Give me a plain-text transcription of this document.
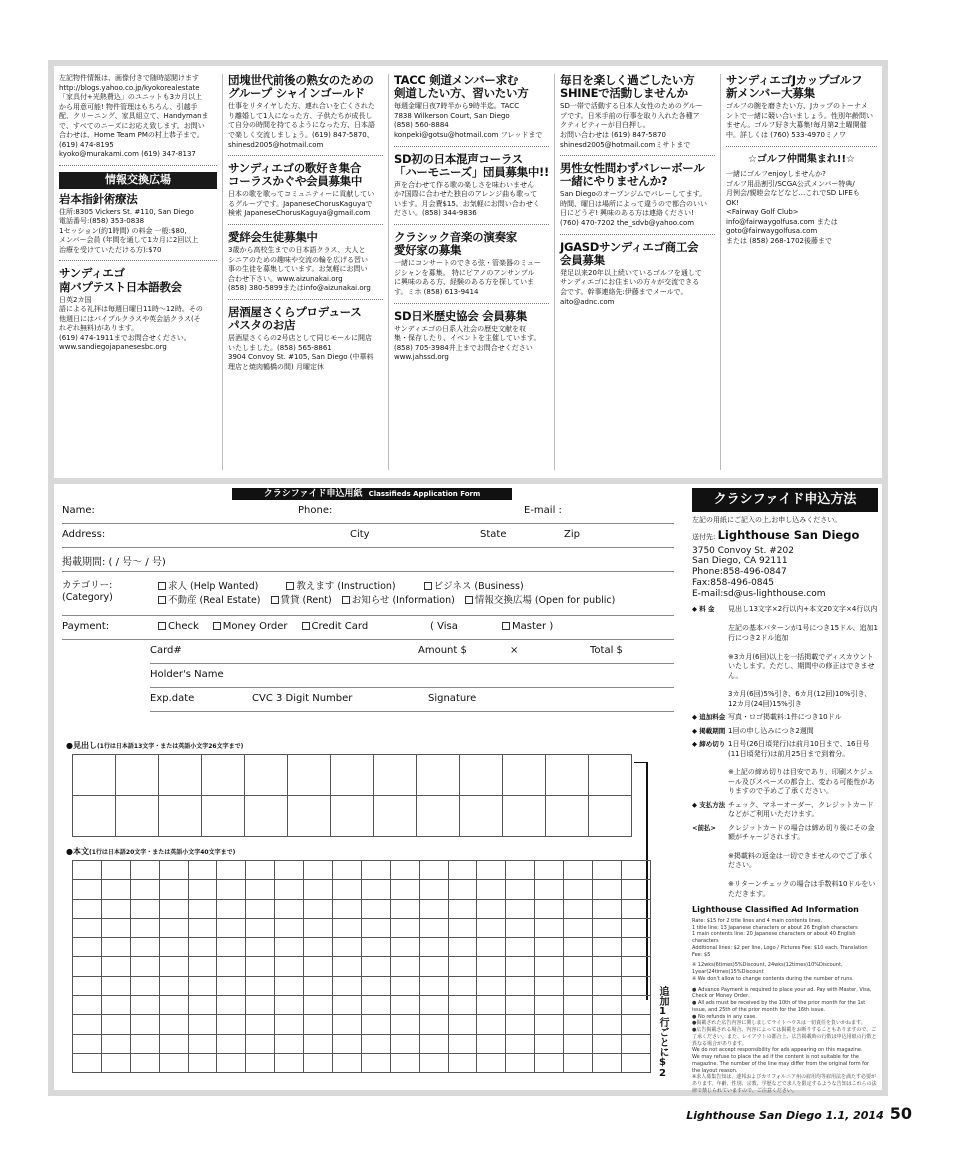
左記物件情報は、画像付きで随時認閲けます
http://blogs.yahoo.co.jp/kyokorealestate
「家具付+光熱費込」のユニットも3カ月以上
から用意可能! 物件管理はもちろん、引越手
配、クリーニング、家具組立て、Handymanま
で、すべてのニーズにお応え致します。お問い
合わせは、Home Team PMの村上恭子まで。
(619) 474-8195
kyoko@murakami.com (619) 347-8137

情報交換広場
岩本指針術療法

住所:8305 Vickers St. #110, San Diego
電話番号:(858) 353-0838
1セッション(約1時間) の料金 一般:$80,
メンバー会員 (年間を通して1カ月に2回以上
治療を受けていただける方):$70

サンディエゴ
南バプテスト日本語教会

日英2カ国
語による礼拝は毎週日曜日11時〜12時。その
他週日にはバイブルクラスや英会話クラス(そ
れぞれ無料)があります。
(619) 474-1911までお問合せください。
www.sandiegojapanesesbc.org

団塊世代前後の熟女のための
グループ シャインゴールド

仕事をリタイヤした方、連れ合いを亡くされた
り離婚して1人になった方、子供たちが成長し
て自分の時間を持てるようになった方、日本語
で楽しく交流しましょう。(619) 847-5870、
shinesd2005@hotmail.com

サンディエゴの歌好き集合
コーラスかぐや会員募集中

日本の歌を歌ってコミュニティーに貢献してい
るグループです。JapaneseChorusKaguyaで
検索 JapaneseChorusKaguya@gmail.com

愛絆会生徒募集中

3歳から高校生までの日本語クラス、大人と
シニアのための趣味や交流の輪を広げる習い
事の生徒を募集しています。お気軽にお問い
合わせ下さい。www.aizunakai.org
(858) 380-5899またはinfo@aizunakai.org

居酒屋さくらプロデュース
パスタのお店

居酒屋さくらの2号店として同じモールに開店
いたしました。(858) 565-8861
3904 Convoy St. #105, San Diego (中華料
理店と焼肉鶴橋の間) 月曜定休

TACC 剣道メンバー求む
剣道したい方、習いたい方

毎週金曜日夜7時半から9時半迄。TACC
7838 Wilkerson Court, San Diego
(858) 560-8884
konpeki@gotsu@hotmail.com フレッドまで

SD初の日本混声コーラス
「ハーモニーズ」団員募集中!!

声を合わせて作る歌の楽しさを味わいません
か?国際に合わせた独自のアレンジ曲も歌って
います。月会費$15。お気軽にお問い合わせく
ださい。(858) 344-9836

クラシック音楽の演奏家
愛好家の募集

一緒にコンサートのできる弦・管楽器のミュー
ジシャンを募集。 特にピアノのアンサンブル
に興味のある方、経験のある方を探していま
す。ミホ (858) 613-9414

SD日米歴史協会 会員募集

サンディエゴの日系人社会の歴史文献を収
集・保存したり、イベントを主催しています。
(858) 705-3984井上までお問合せください
www.jahssd.org

毎日を楽しく過ごしたい方
SHINEで活動しませんか

SD一帯で活動する日本人女性のためのグルー
プです。日米手前の行事を取り入れた各種ア
クティビティーが目白押し。
お問い合わせは (619) 847-5870
shinesd2005@hotmail.comミサトまで

男性女性問わずバレーボール
一緒にやりませんか?

San Diegoのオープンジムでバレーしてます。
時間、曜日は場所によって違うので都合のいい
日にどうぞ! 興味のある方は連絡ください!
(760) 470-7202 the_sdvb@yahoo.com

JGASDサンディエゴ商工会
会員募集

発足以来20年以上続いているゴルフを通して
サンディエゴにお住まいの方々が交流できる
会です。幹事連絡先:伊藤までメールで。
aito@adnc.com

サンディエゴJカップゴルフ
新メンバー大募集

ゴルフの腕を磨きたい方、Jカップのトーナメ
ントで一緒に競い合いましょう。性別年齢問い
ません。ゴルフ好き大募集!毎月第2土曜開催
中。詳しくは (760) 533-4970ミノワ

☆ゴルフ仲間集まれ!!☆

一緒にゴルフenjoyしませんか?
ゴルフ用品割引/SCGA公式メンバー特典/
月例会/親睦会などなど…これでSD LIFEも
OK!
<Fairway Golf Club>
info@fairwaygolfusa.com または
goto@fairwaygolfusa.com
または (858) 268-1702後藤まで

クラシファイド申込用紙 Classifieds Application Form
Name:	Phone:	E-mail :
Address:	City	State	Zip
掲載期間: ( / 号〜 / 号)
カテゴリー:
(Category)
求人 (Help Wanted)	教えます (Instruction)	ビジネス (Business)
不動産 (Real Estate) 賃貸 (Rent) お知らせ (Information) 情報交換広場 (Open for public)
Payment:	Check Money Order Credit Card	( Visa	Master )
Card#	Amount $	×	Total $
Holder's Name
Exp.date	CVC 3 Digit Number	Signature
●見出し(1行は日本語13文字・または英語小文字26文字まで)
●本文(1行は日本語20文字・または英語小文字40文字まで)
クラシファイド申込方法
左記の用紙にご記入の上,お申し込みください。
送付先: Lighthouse San Diego
3750 Convoy St. #202
San Diego, CA 92111
Phone:858-496-0847
Fax:858-496-0845
E-mail:sd@us-lighthouse.com
◆ 料 金	見出し13文字×2行以内+本文20文字×4行以内

左記の基本パターンが1号につき15ドル、追加1行につき2ドル追加

※3カ月(6回)以上を一括掲載でディスカウントいたします。ただし、期間中の修正はできません。

3カ月(6回)5%引き、6カ月(12回)10%引き、12カ月(24回)15%引き
◆ 追加料金 写真・ロゴ掲載料:1件につき10ドル
◆ 掲載期間 1回の申し込みにつき2週間
◆ 締め切り 1日号(26日頃発行)は前月10日まで、16日号(11日頃発行)は前月25日まで到着分。

※上記の締め切りは目安であり、印刷スケジュール及びスペースの都合上、変わる可能性がありますので予めご了承ください。
◆ 支払方法 チェック、マネーオーダー、クレジットカードなどがご利用いただけます。
<前払>	クレジットカードの場合は締め切り後にその金額がチャージされます。

※掲載料の返金は一切できませんのでご了承ください。

※リターンチェックの場合は手数料10ドルをいただきます。
Lighthouse Classified Ad Information
Rate: $15 for 2 title lines and 4 main contents lines.
1 title line: 13 Japanese characters or about 26 English characters
1 main contents line: 20 Japanese characters or about 40 English characters
Additional lines: $2 per line, Logo / Pictures Fee: $10 each, Translation Fee: $5
※ 12wks(6times)5%Discount, 24wks(12times)10%Discount,
1year(24times)15%Discount
※ We don't allow to change contents during the number of runs.
● Advance Payment is required to place your ad. Pay with Master, Visa, Check or Money Order.
● All ads must be received by the 10th of the prior month for the 1st issue, and 25th of the prior month for the 16th issue.
● No refunds in any case.
●掲載された広告内容に関しましてライトハウスは一切責任を負いかねます。
●広告掲載される場合、内容によっては掲載をお断りすることもありますので、ご了承ください。また、レイアウトの都合上、広告掲載時の行数は申込用紙の行数と異なる場合があります。
We do not accept responsibility for ads appearing on this magazine.
We may refuse to place the ad if the content is not suitable for the magazine. The number of the line may differ from the original form for the layout reason.
※求人募集告知は、連邦およびカリフォルニア州の雇用均等雇用法を満たす必要があります。年齢、性別、宗教、学歴などで求人を限定するような告知はこれらの法律で禁じられていますので、ご注意ください。
追加1行ごとに$2
Lighthouse San Diego 1.1, 2014 50
